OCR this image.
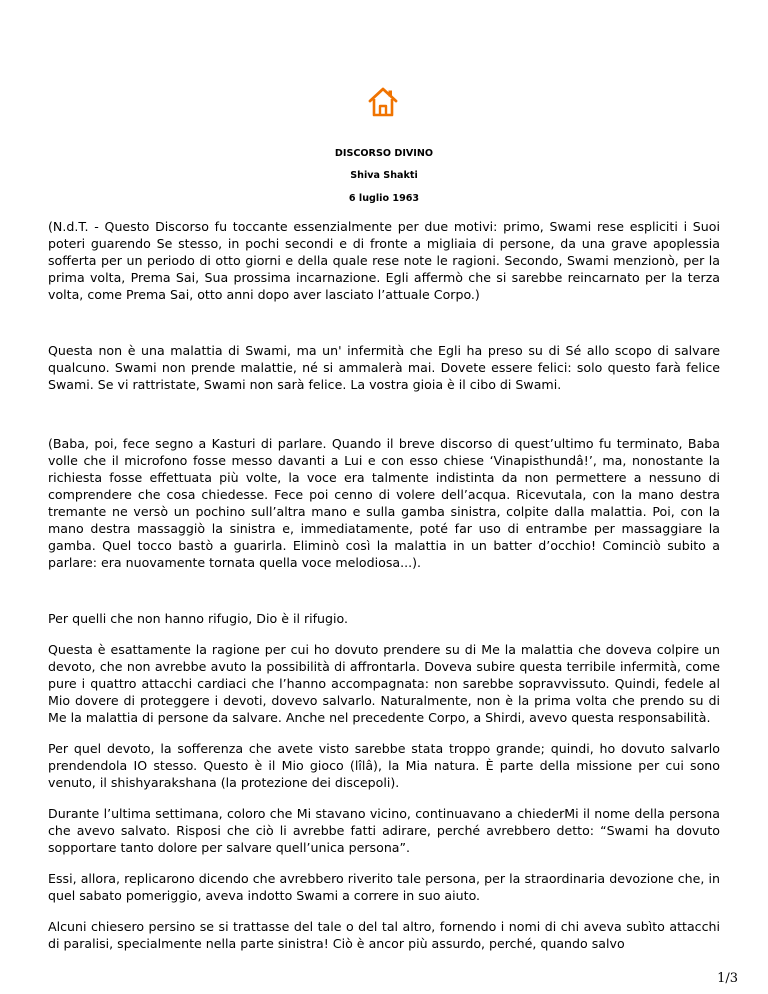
DISCORSO DIVINO
Shiva Shakti
6 luglio 1963

(N.d.T. - Questo Discorso fu toccante essenzialmente per due motivi: primo, Swami rese espliciti i Suoi poteri guarendo Se stesso, in pochi secondi e di fronte a migliaia di persone, da una grave apoplessia sofferta per un periodo di otto giorni e della quale rese note le ragioni. Secondo, Swami menzionò, per la prima volta, Prema Sai, Sua prossima incarnazione. Egli affermò che si sarebbe reincarnato per la terza volta, come Prema Sai, otto anni dopo aver lasciato l’attuale Corpo.)

Questa non è una malattia di Swami, ma un' infermità che Egli ha preso su di Sé allo scopo di salvare qualcuno. Swami non prende malattie, né si ammalerà mai. Dovete essere felici: solo questo farà felice Swami. Se vi rattristate, Swami non sarà felice. La vostra gioia è il cibo di Swami.

(Baba, poi, fece segno a Kasturi di parlare. Quando il breve discorso di quest’ultimo fu terminato, Baba volle che il microfono fosse messo davanti a Lui e con esso chiese ‘Vinapisthundâ!’, ma, nonostante la richiesta fosse effettuata più volte, la voce era talmente indistinta da non permettere a nessuno di comprendere che cosa chiedesse. Fece poi cenno di volere dell’acqua. Ricevutala, con la mano destra tremante ne versò un pochino sull’altra mano e sulla gamba sinistra, colpite dalla malattia. Poi, con la mano destra massaggiò la sinistra e, immediatamente, poté far uso di entrambe per massaggiare la gamba. Quel tocco bastò a guarirla. Eliminò così la malattia in un batter d’occhio! Cominciò subito a parlare: era nuovamente tornata quella voce melodiosa...).

Per quelli che non hanno rifugio, Dio è il rifugio.

Questa è esattamente la ragione per cui ho dovuto prendere su di Me la malattia che doveva colpire un devoto, che non avrebbe avuto la possibilità di affrontarla. Doveva subire questa terribile infermità, come pure i quattro attacchi cardiaci che l’hanno accompagnata: non sarebbe sopravvissuto. Quindi, fedele al Mio dovere di proteggere i devoti, dovevo salvarlo. Naturalmente, non è la prima volta che prendo su di Me la malattia di persone da salvare. Anche nel precedente Corpo, a Shirdi, avevo questa responsabilità.

Per quel devoto, la sofferenza che avete visto sarebbe stata troppo grande; quindi, ho dovuto salvarlo prendendola IO stesso. Questo è il Mio gioco (lîlâ), la Mia natura. È parte della missione per cui sono venuto, il shishyarakshana (la protezione dei discepoli).

Durante l’ultima settimana, coloro che Mi stavano vicino, continuavano a chiederMi il nome della persona che avevo salvato. Risposi che ciò li avrebbe fatti adirare, perché avrebbero detto: “Swami ha dovuto sopportare tanto dolore per salvare quell’unica persona”.

Essi, allora, replicarono dicendo che avrebbero riverito tale persona, per la straordinaria devozione che, in quel sabato pomeriggio, aveva indotto Swami a correre in suo aiuto.

Alcuni chiesero persino se si trattasse del tale o del tal altro, fornendo i nomi di chi aveva subìto attacchi di paralisi, specialmente nella parte sinistra! Ciò è ancor più assurdo, perché, quando salvo

1/3
